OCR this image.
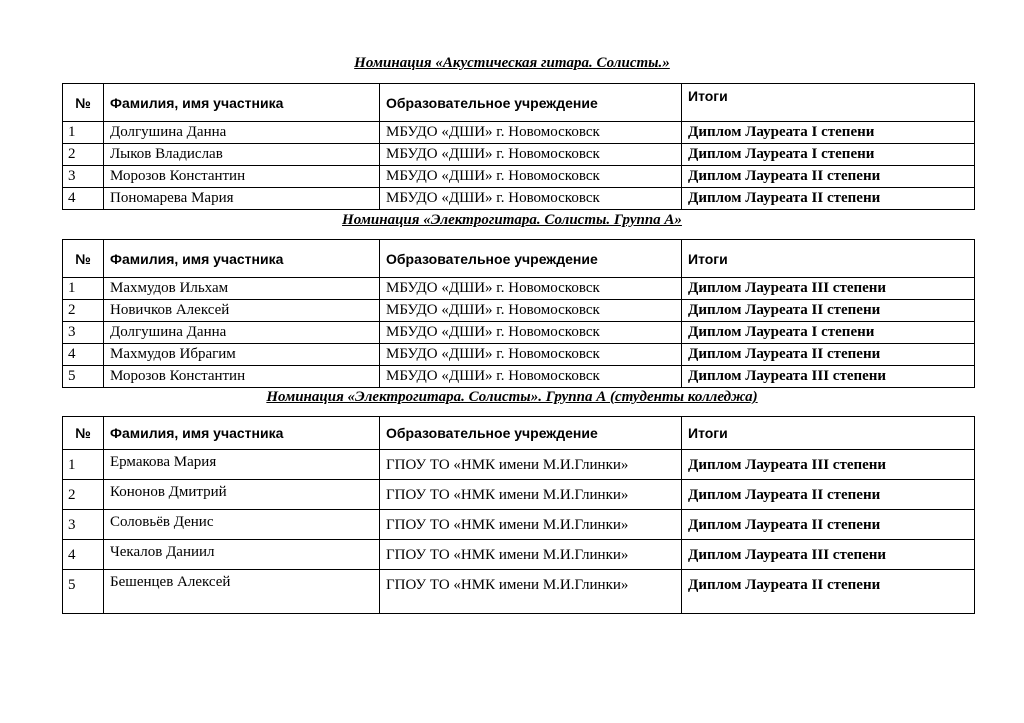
Номинация «Акустическая гитара. Солисты.»
№	Фамилия, имя участника	Образовательное учреждение	Итоги
1	Долгушина Данна	МБУДО «ДШИ» г. Новомосковск	Диплом Лауреата I степени
2	Лыков Владислав	МБУДО «ДШИ» г. Новомосковск	Диплом Лауреата I степени
3	Морозов Константин	МБУДО «ДШИ» г. Новомосковск	Диплом Лауреата II степени
4	Пономарева Мария	МБУДО «ДШИ» г. Новомосковск	Диплом Лауреата II степени
Номинация «Электрогитара. Солисты. Группа А»
№	Фамилия, имя участника	Образовательное учреждение	Итоги
1	Махмудов Ильхам	МБУДО «ДШИ» г. Новомосковск	Диплом Лауреата III степени
2	Новичков Алексей	МБУДО «ДШИ» г. Новомосковск	Диплом Лауреата II степени
3	Долгушина Данна	МБУДО «ДШИ» г. Новомосковск	Диплом Лауреата I степени
4	Махмудов Ибрагим	МБУДО «ДШИ» г. Новомосковск	Диплом Лауреата II степени
5	Морозов Константин	МБУДО «ДШИ» г. Новомосковск	Диплом Лауреата III степени
Номинация «Электрогитара. Солисты». Группа А (студенты колледжа)
№	Фамилия, имя участника	Образовательное учреждение	Итоги
1	Ермакова Мария	ГПОУ ТО «НМК имени М.И.Глинки»	Диплом Лауреата III степени
2	Кононов Дмитрий	ГПОУ ТО «НМК имени М.И.Глинки»	Диплом Лауреата II степени
3	Соловьёв Денис	ГПОУ ТО «НМК имени М.И.Глинки»	Диплом Лауреата II степени
4	Чекалов Даниил	ГПОУ ТО «НМК имени М.И.Глинки»	Диплом Лауреата III степени
5	Бешенцев Алексей	ГПОУ ТО «НМК имени М.И.Глинки»	Диплом Лауреата II степени
